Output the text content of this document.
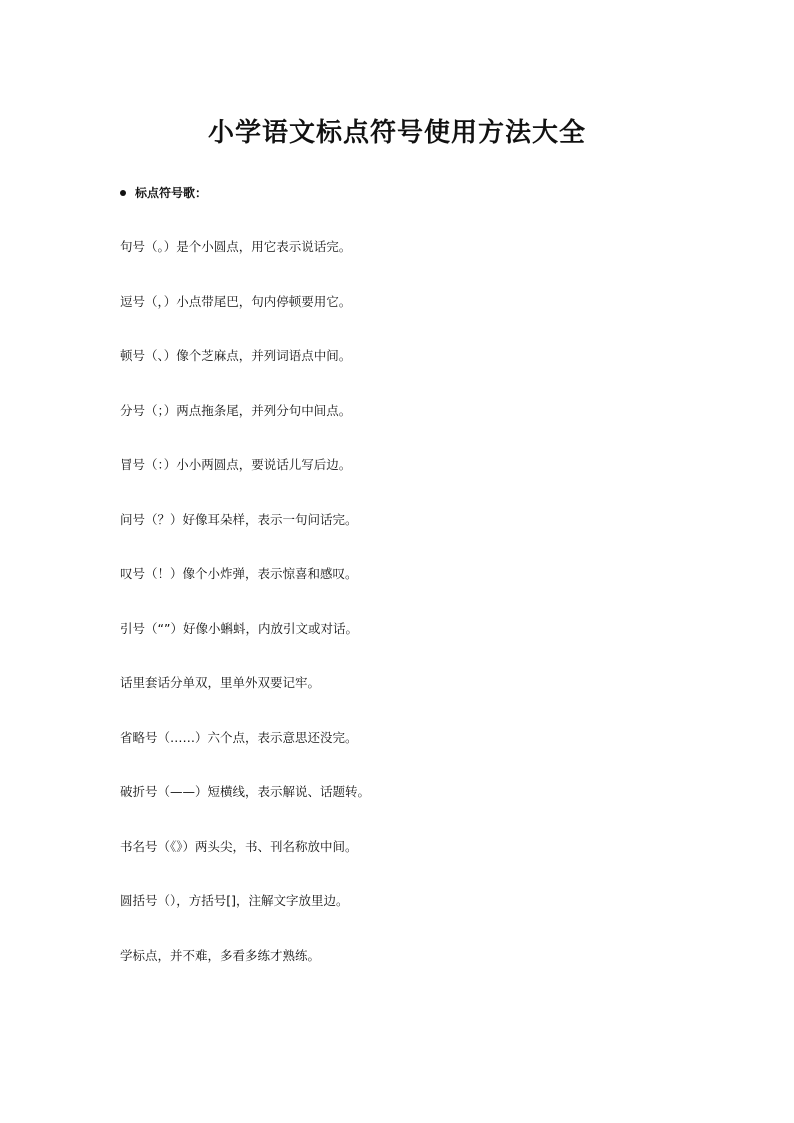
小学语文标点符号使用方法大全
标点符号歌：
句号（。）是个小圆点，用它表示说话完。
逗号（，）小点带尾巴，句内停顿要用它。
顿号（、）像个芝麻点，并列词语点中间。
分号（；）两点拖条尾，并列分句中间点。
冒号（：）小小两圆点，要说话儿写后边。
问号（？）好像耳朵样，表示一句问话完。
叹号（！）像个小炸弹，表示惊喜和感叹。
引号（“”）好像小蝌蚪，内放引文或对话。
话里套话分单双，里单外双要记牢。
省略号（……）六个点，表示意思还没完。
破折号（——）短横线，表示解说、话题转。
书名号（《》）两头尖，书、刊名称放中间。
圆括号（），方括号[]，注解文字放里边。
学标点，并不难，多看多练才熟练。
